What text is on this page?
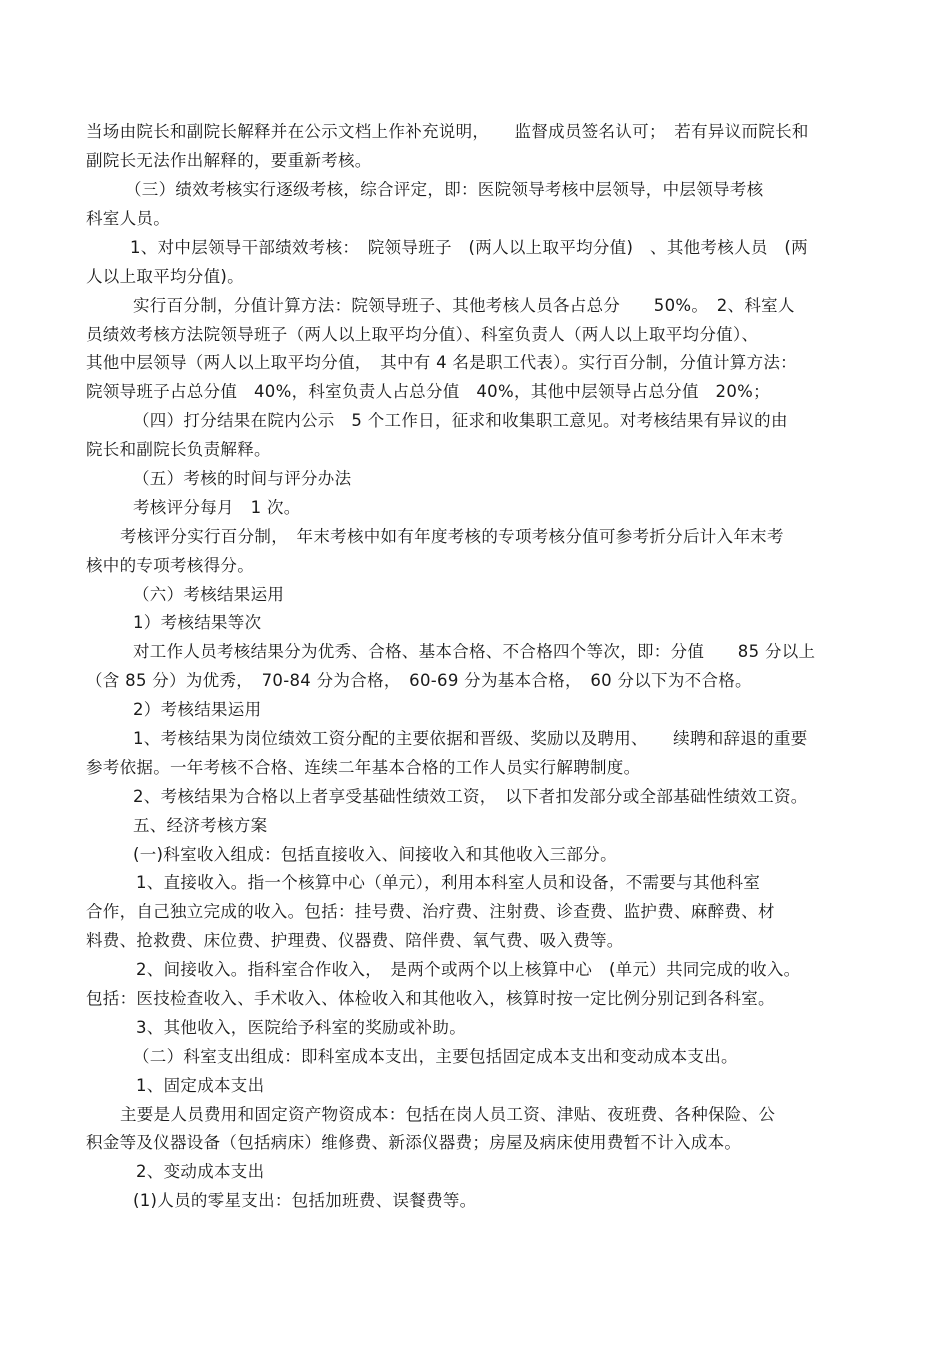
当场由院长和副院长解释并在公示文档上作补充说明，　　监督成员签名认可；　若有异议而院长和
副院长无法作出解释的，要重新考核。
（三）绩效考核实行逐级考核，综合评定，即：医院领导考核中层领导，中层领导考核
科室人员。
1、对中层领导干部绩效考核：　院领导班子　(两人以上取平均分值)　、其他考核人员　(两
人以上取平均分值)。
实行百分制，分值计算方法：院领导班子、其他考核人员各占总分　　50%。　2、科室人
员绩效考核方法院领导班子（两人以上取平均分值）、科室负责人（两人以上取平均分值）、
其他中层领导（两人以上取平均分值，　其中有 4 名是职工代表）。实行百分制，分值计算方法：
院领导班子占总分值　40%，科室负责人占总分值　40%，其他中层领导占总分值　20%；
（四）打分结果在院内公示　5 个工作日，征求和收集职工意见。对考核结果有异议的由
院长和副院长负责解释。
（五）考核的时间与评分办法
考核评分每月　1 次。
考核评分实行百分制，　年末考核中如有年度考核的专项考核分值可参考折分后计入年末考
核中的专项考核得分。
（六）考核结果运用
1）考核结果等次
对工作人员考核结果分为优秀、合格、基本合格、不合格四个等次，即：分值　　85 分以上
（含 85 分）为优秀，　70-84 分为合格，　60-69 分为基本合格，　60 分以下为不合格。
2）考核结果运用
1、考核结果为岗位绩效工资分配的主要依据和晋级、奖励以及聘用、　　续聘和辞退的重要
参考依据。一年考核不合格、连续二年基本合格的工作人员实行解聘制度。
2、考核结果为合格以上者享受基础性绩效工资，　以下者扣发部分或全部基础性绩效工资。
五、经济考核方案
(一)科室收入组成：包括直接收入、间接收入和其他收入三部分。
1、直接收入。指一个核算中心（单元），利用本科室人员和设备，不需要与其他科室
合作，自己独立完成的收入。包括：挂号费、治疗费、注射费、诊查费、监护费、麻醉费、材
料费、抢救费、床位费、护理费、仪器费、陪伴费、氧气费、吸入费等。
2、间接收入。指科室合作收入，　是两个或两个以上核算中心　(单元）共同完成的收入。
包括：医技检查收入、手术收入、体检收入和其他收入，核算时按一定比例分别记到各科室。
3、其他收入，医院给予科室的奖励或补助。
（二）科室支出组成：即科室成本支出，主要包括固定成本支出和变动成本支出。
1、固定成本支出
主要是人员费用和固定资产物资成本：包括在岗人员工资、津贴、夜班费、各种保险、公
积金等及仪器设备（包括病床）维修费、新添仪器费；房屋及病床使用费暂不计入成本。
2、变动成本支出
(1)人员的零星支出：包括加班费、误餐费等。
